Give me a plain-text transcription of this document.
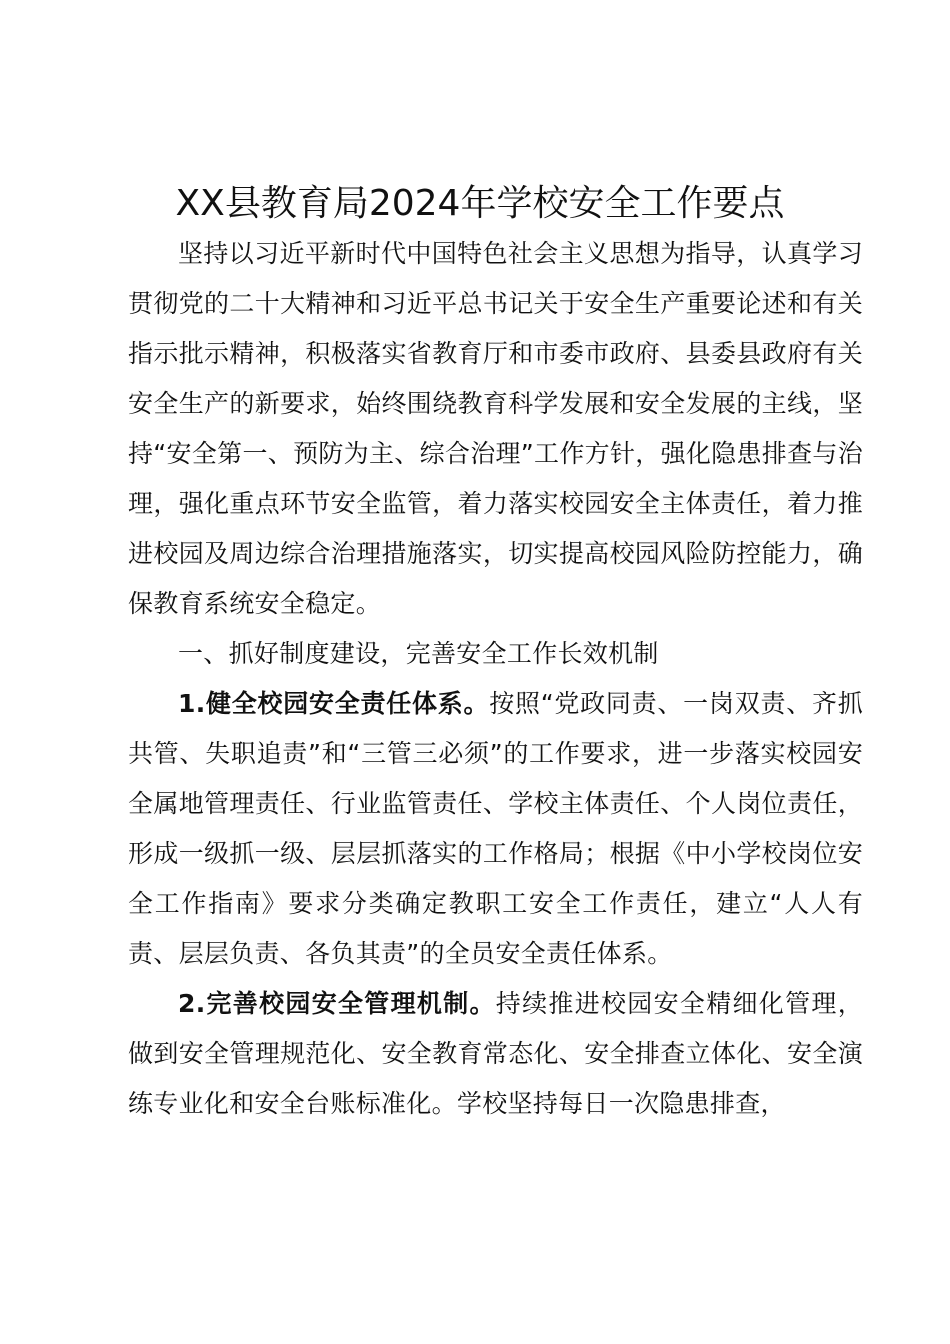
XX县教育局2024年学校安全工作要点

坚持以习近平新时代中国特色社会主义思想为指导，认真学习贯彻党的二十大精神和习近平总书记关于安全生产重要论述和有关指示批示精神，积极落实省教育厅和市委市政府、县委县政府有关安全生产的新要求，始终围绕教育科学发展和安全发展的主线，坚持“安全第一、预防为主、综合治理”工作方针，强化隐患排查与治理，强化重点环节安全监管，着力落实校园安全主体责任，着力推进校园及周边综合治理措施落实，切实提高校园风险防控能力，确保教育系统安全稳定。

一、抓好制度建设，完善安全工作长效机制

1.健全校园安全责任体系。按照“党政同责、一岗双责、齐抓共管、失职追责”和“三管三必须”的工作要求，进一步落实校园安全属地管理责任、行业监管责任、学校主体责任、个人岗位责任，形成一级抓一级、层层抓落实的工作格局；根据《中小学校岗位安全工作指南》要求分类确定教职工安全工作责任，建立“人人有责、层层负责、各负其责”的全员安全责任体系。

2.完善校园安全管理机制。持续推进校园安全精细化管理，做到安全管理规范化、安全教育常态化、安全排查立体化、安全演练专业化和安全台账标准化。学校坚持每日一次隐患排查，
